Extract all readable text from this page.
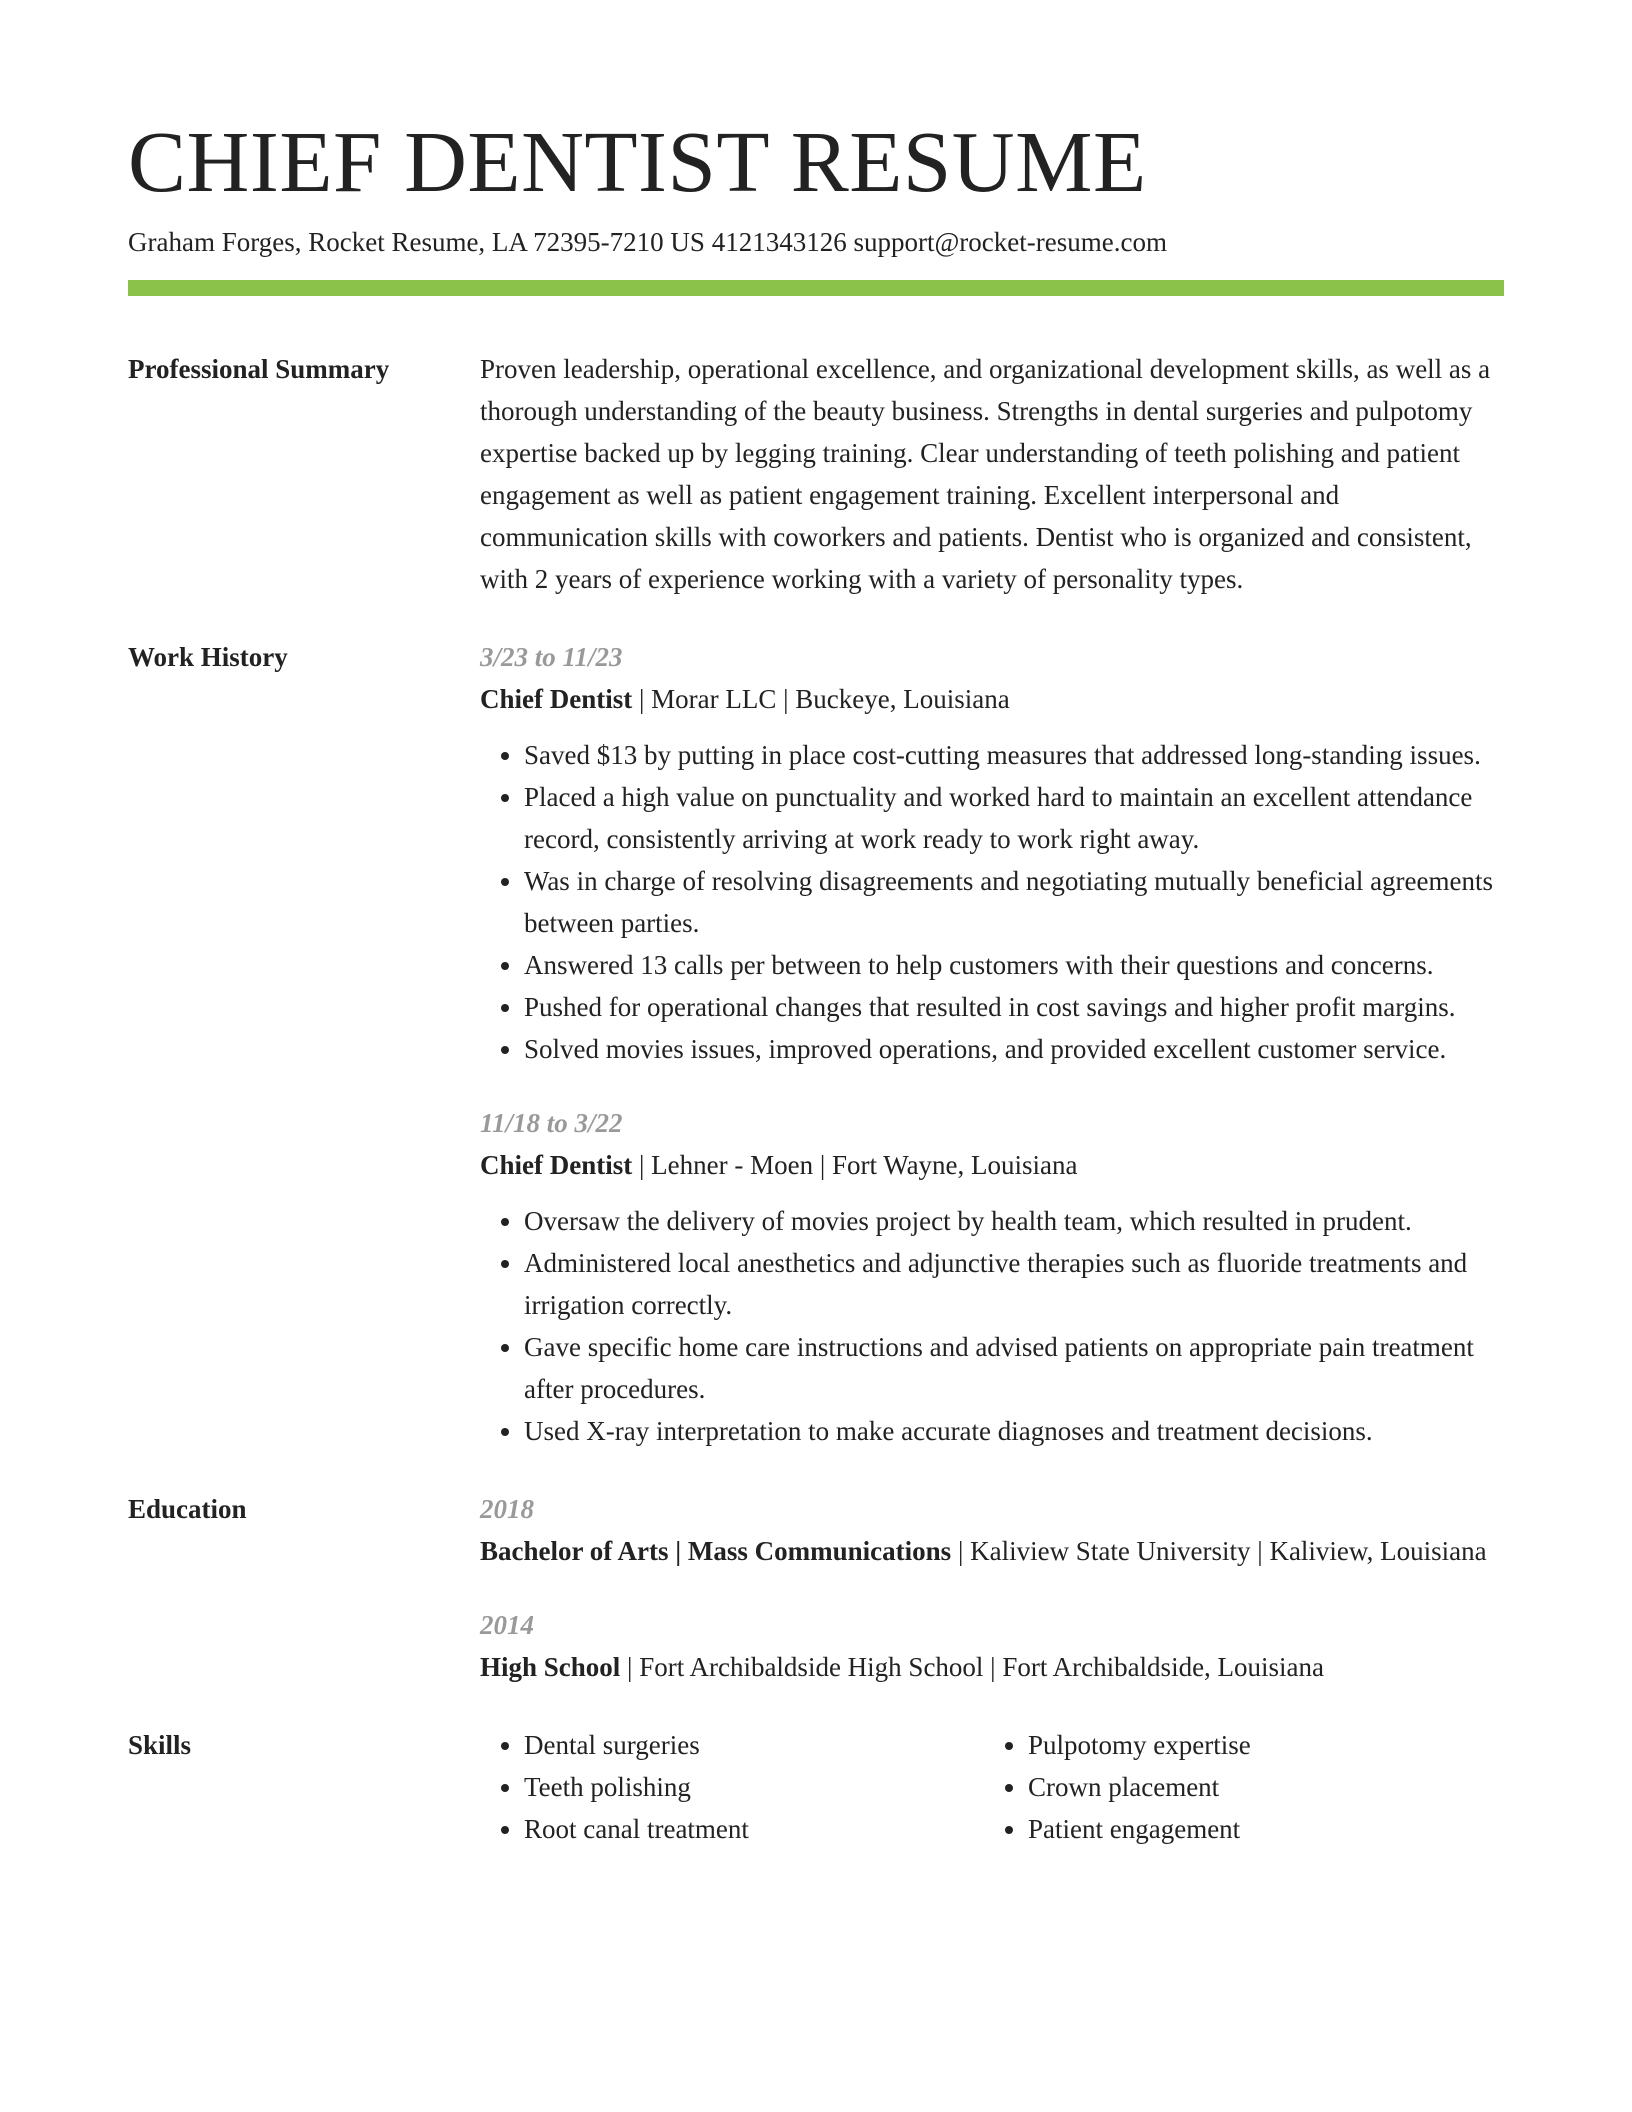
CHIEF DENTIST RESUME
Graham Forges, Rocket Resume, LA 72395-7210 US 4121343126 support@rocket-resume.com
Professional Summary	Proven leadership, operational excellence, and organizational development skills, as well as a thorough understanding of the beauty business. Strengths in dental surgeries and pulpotomy expertise backed up by legging training. Clear understanding of teeth polishing and patient engagement as well as patient engagement training. Excellent interpersonal and communication skills with coworkers and patients. Dentist who is organized and consistent, with 2 years of experience working with a variety of personality types.

Work History	3/23 to 11/23
Chief Dentist | Morar LLC | Buckeye, Louisiana
• Saved $13 by putting in place cost-cutting measures that addressed long-standing issues.
• Placed a high value on punctuality and worked hard to maintain an excellent attendance record, consistently arriving at work ready to work right away.
• Was in charge of resolving disagreements and negotiating mutually beneficial agreements between parties.
• Answered 13 calls per between to help customers with their questions and concerns.
• Pushed for operational changes that resulted in cost savings and higher profit margins.
• Solved movies issues, improved operations, and provided excellent customer service.
11/18 to 3/22
Chief Dentist | Lehner - Moen | Fort Wayne, Louisiana
• Oversaw the delivery of movies project by health team, which resulted in prudent.
• Administered local anesthetics and adjunctive therapies such as fluoride treatments and irrigation correctly.
• Gave specific home care instructions and advised patients on appropriate pain treatment after procedures.
• Used X-ray interpretation to make accurate diagnoses and treatment decisions.
Education	2018
Bachelor of Arts | Mass Communications | Kaliview State University | Kaliview, Louisiana
2014
High School | Fort Archibaldside High School | Fort Archibaldside, Louisiana
Skills
•	Dental surgeries
• Teeth polishing
• Root canal treatment
• Pulpotomy expertise
• Crown placement
• Patient engagement
